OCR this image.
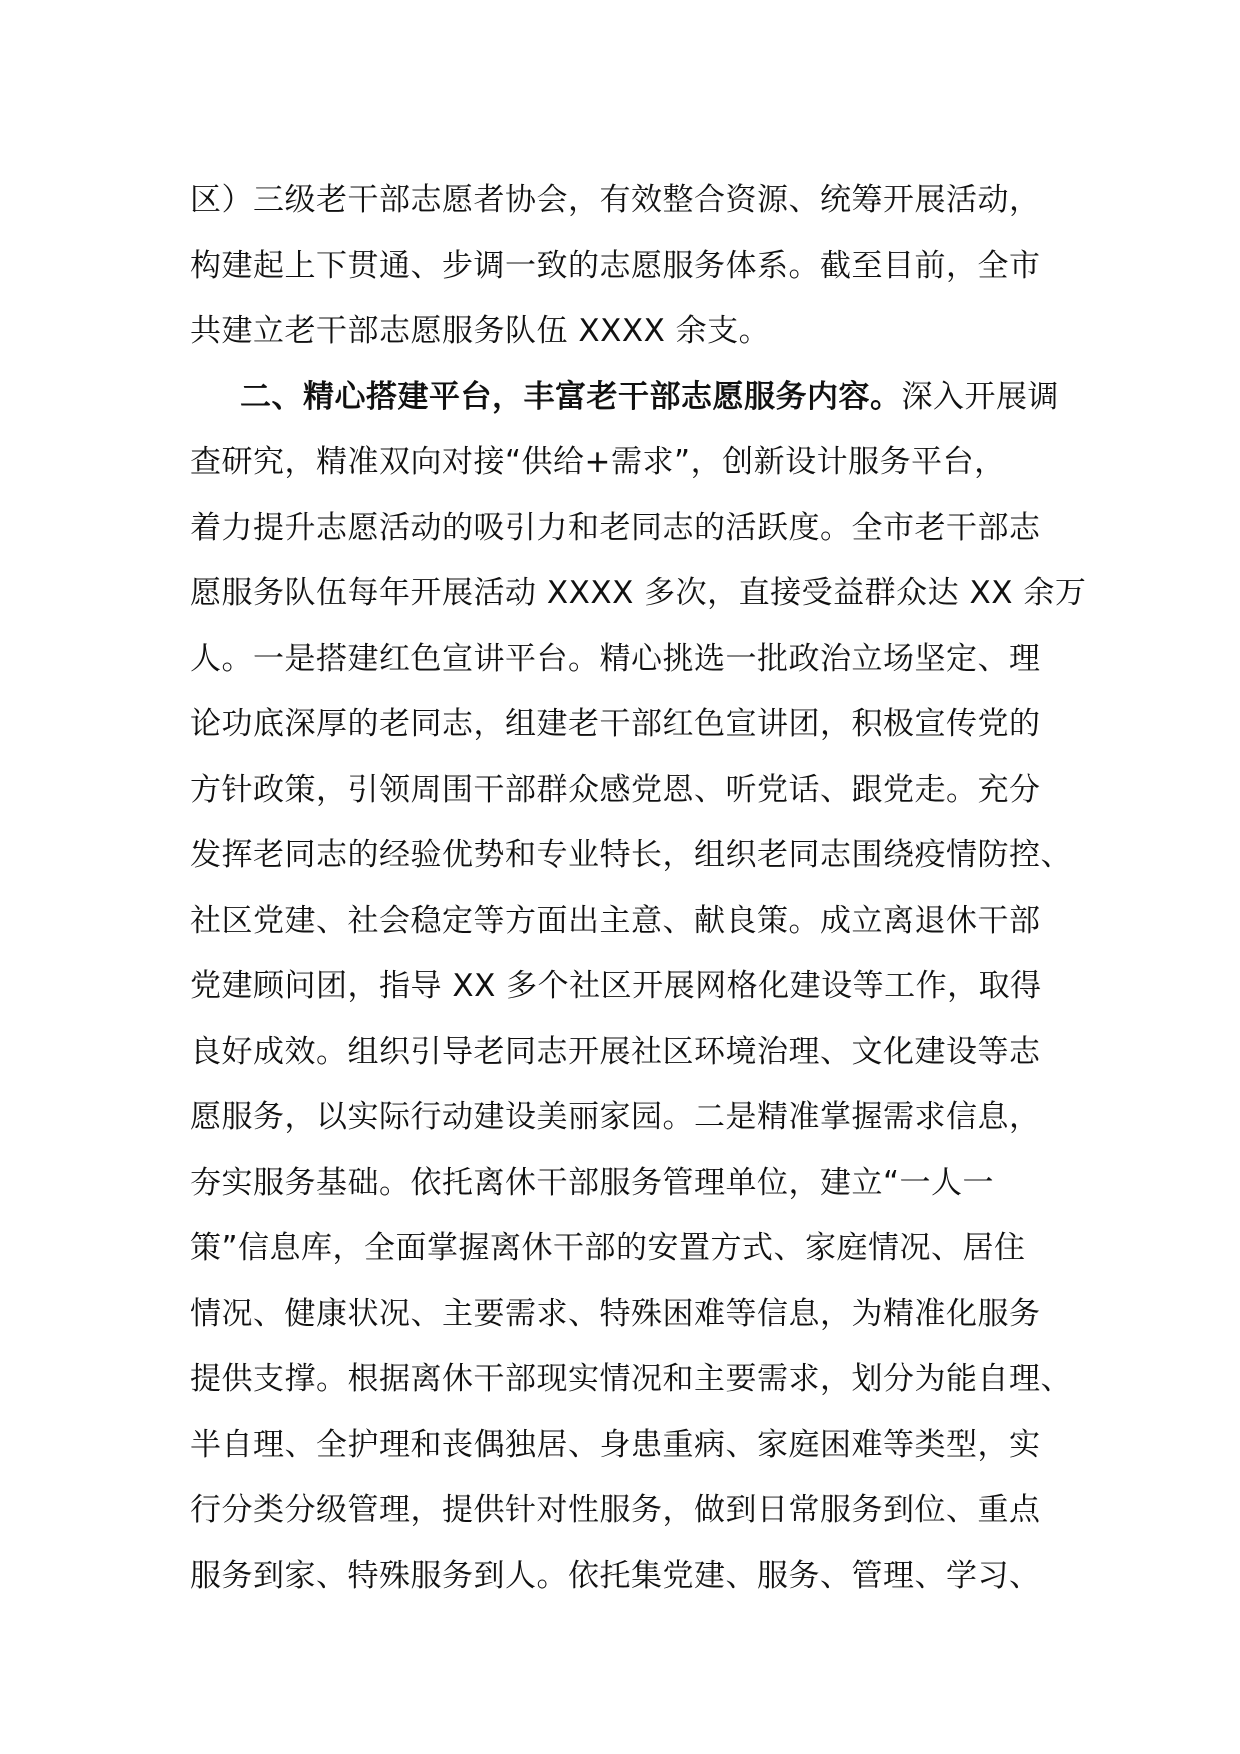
区）三级老干部志愿者协会，有效整合资源、统筹开展活动，
构建起上下贯通、步调一致的志愿服务体系。截至目前，全市
共建立老干部志愿服务队伍 XXXX 余支。
二、精心搭建平台，丰富老干部志愿服务内容。深入开展调
查研究，精准双向对接“供给+需求”，创新设计服务平台，
着力提升志愿活动的吸引力和老同志的活跃度。全市老干部志
愿服务队伍每年开展活动 XXXX 多次，直接受益群众达 XX 余万
人。一是搭建红色宣讲平台。精心挑选一批政治立场坚定、理
论功底深厚的老同志，组建老干部红色宣讲团，积极宣传党的
方针政策，引领周围干部群众感党恩、听党话、跟党走。充分
发挥老同志的经验优势和专业特长，组织老同志围绕疫情防控、
社区党建、社会稳定等方面出主意、献良策。成立离退休干部
党建顾问团，指导 XX 多个社区开展网格化建设等工作，取得
良好成效。组织引导老同志开展社区环境治理、文化建设等志
愿服务，以实际行动建设美丽家园。二是精准掌握需求信息，
夯实服务基础。依托离休干部服务管理单位，建立“一人一
策”信息库，全面掌握离休干部的安置方式、家庭情况、居住
情况、健康状况、主要需求、特殊困难等信息，为精准化服务
提供支撑。根据离休干部现实情况和主要需求，划分为能自理、
半自理、全护理和丧偶独居、身患重病、家庭困难等类型，实
行分类分级管理，提供针对性服务，做到日常服务到位、重点
服务到家、特殊服务到人。依托集党建、服务、管理、学习、
